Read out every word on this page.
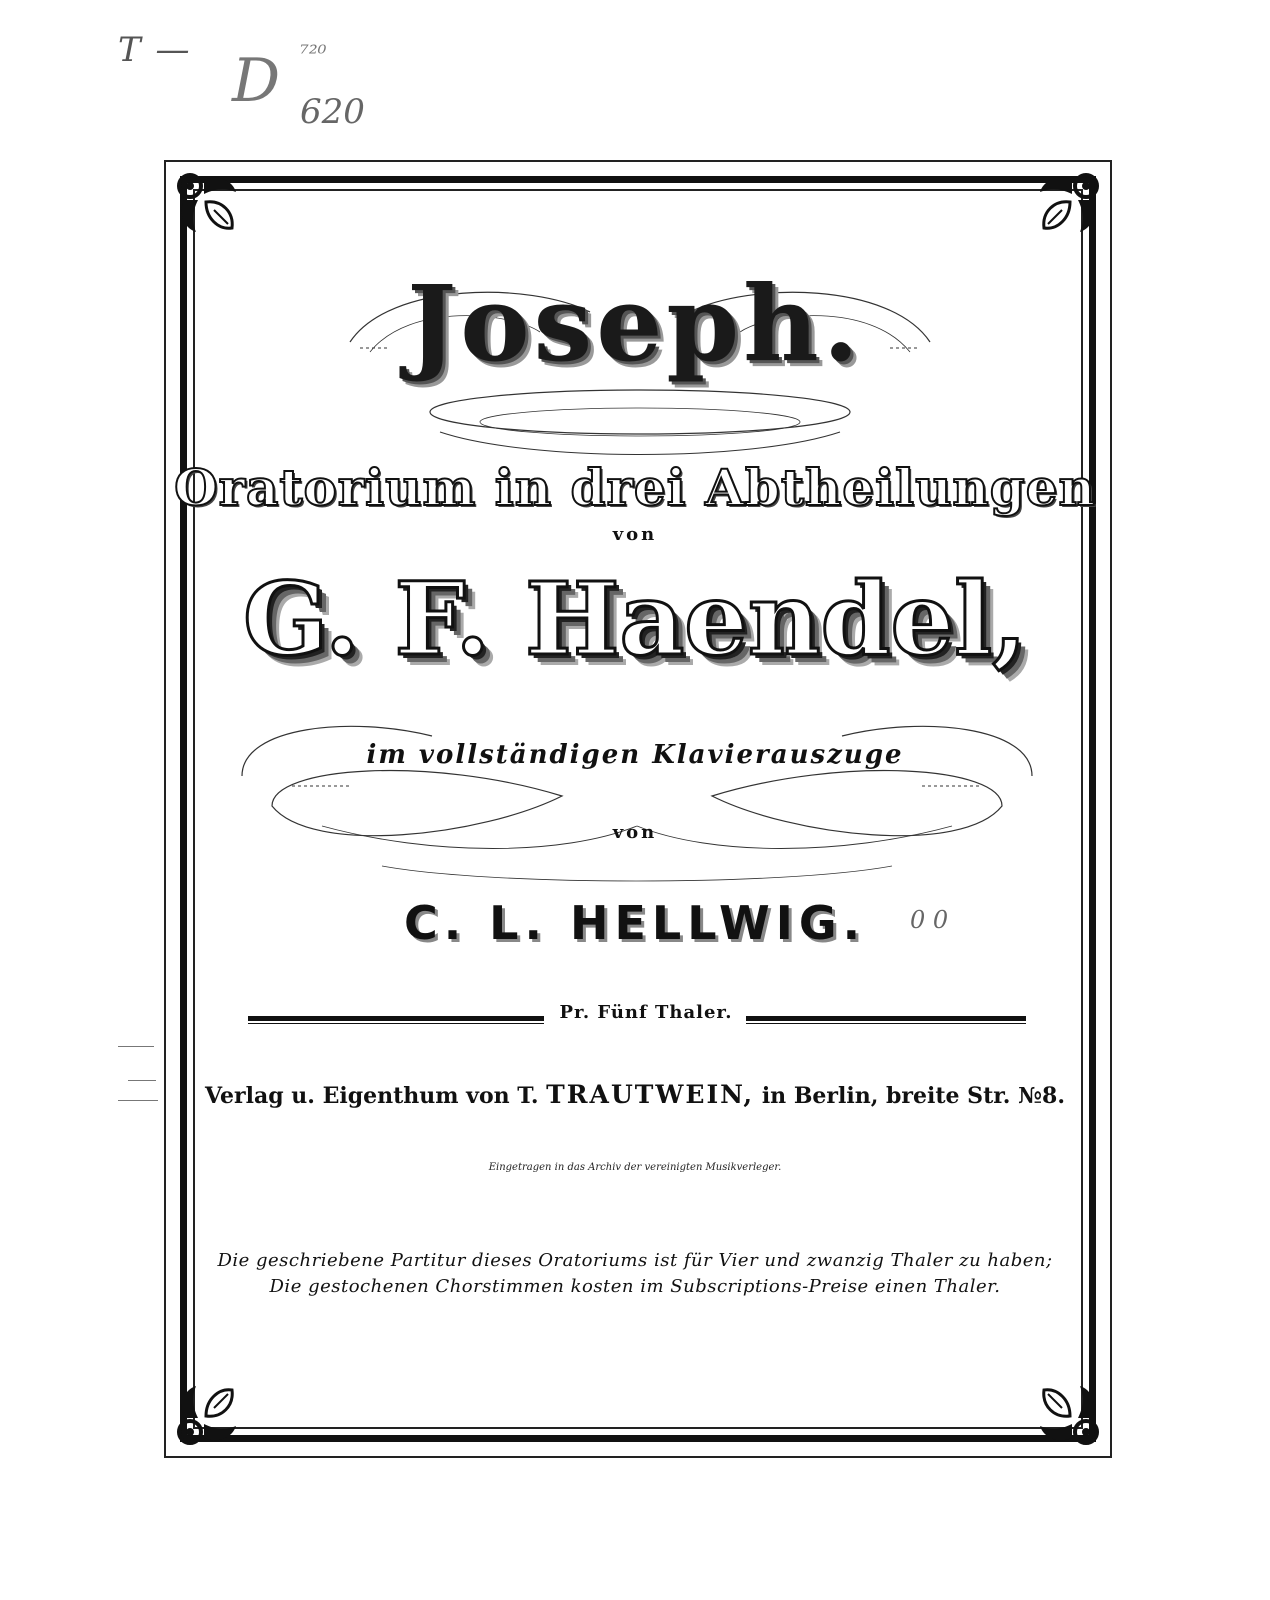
T — D ⁷²⁰
620
Joseph.
Oratorium in drei Abtheilungen
von
G. F. Haendel,
im vollständigen Klavierauszuge
von
C. L. HELLWIG.	0 0
Pr. Fünf Thaler.
Verlag u. Eigenthum von T. TRAUTWEIN, in Berlin, breite Str. №8.
Eingetragen in das Archiv der vereinigten Musikverleger.
Die geschriebene Partitur dieses Oratoriums ist für Vier und zwanzig Thaler zu haben;
Die gestochenen Chorstimmen kosten im Subscriptions-Preise einen Thaler.
